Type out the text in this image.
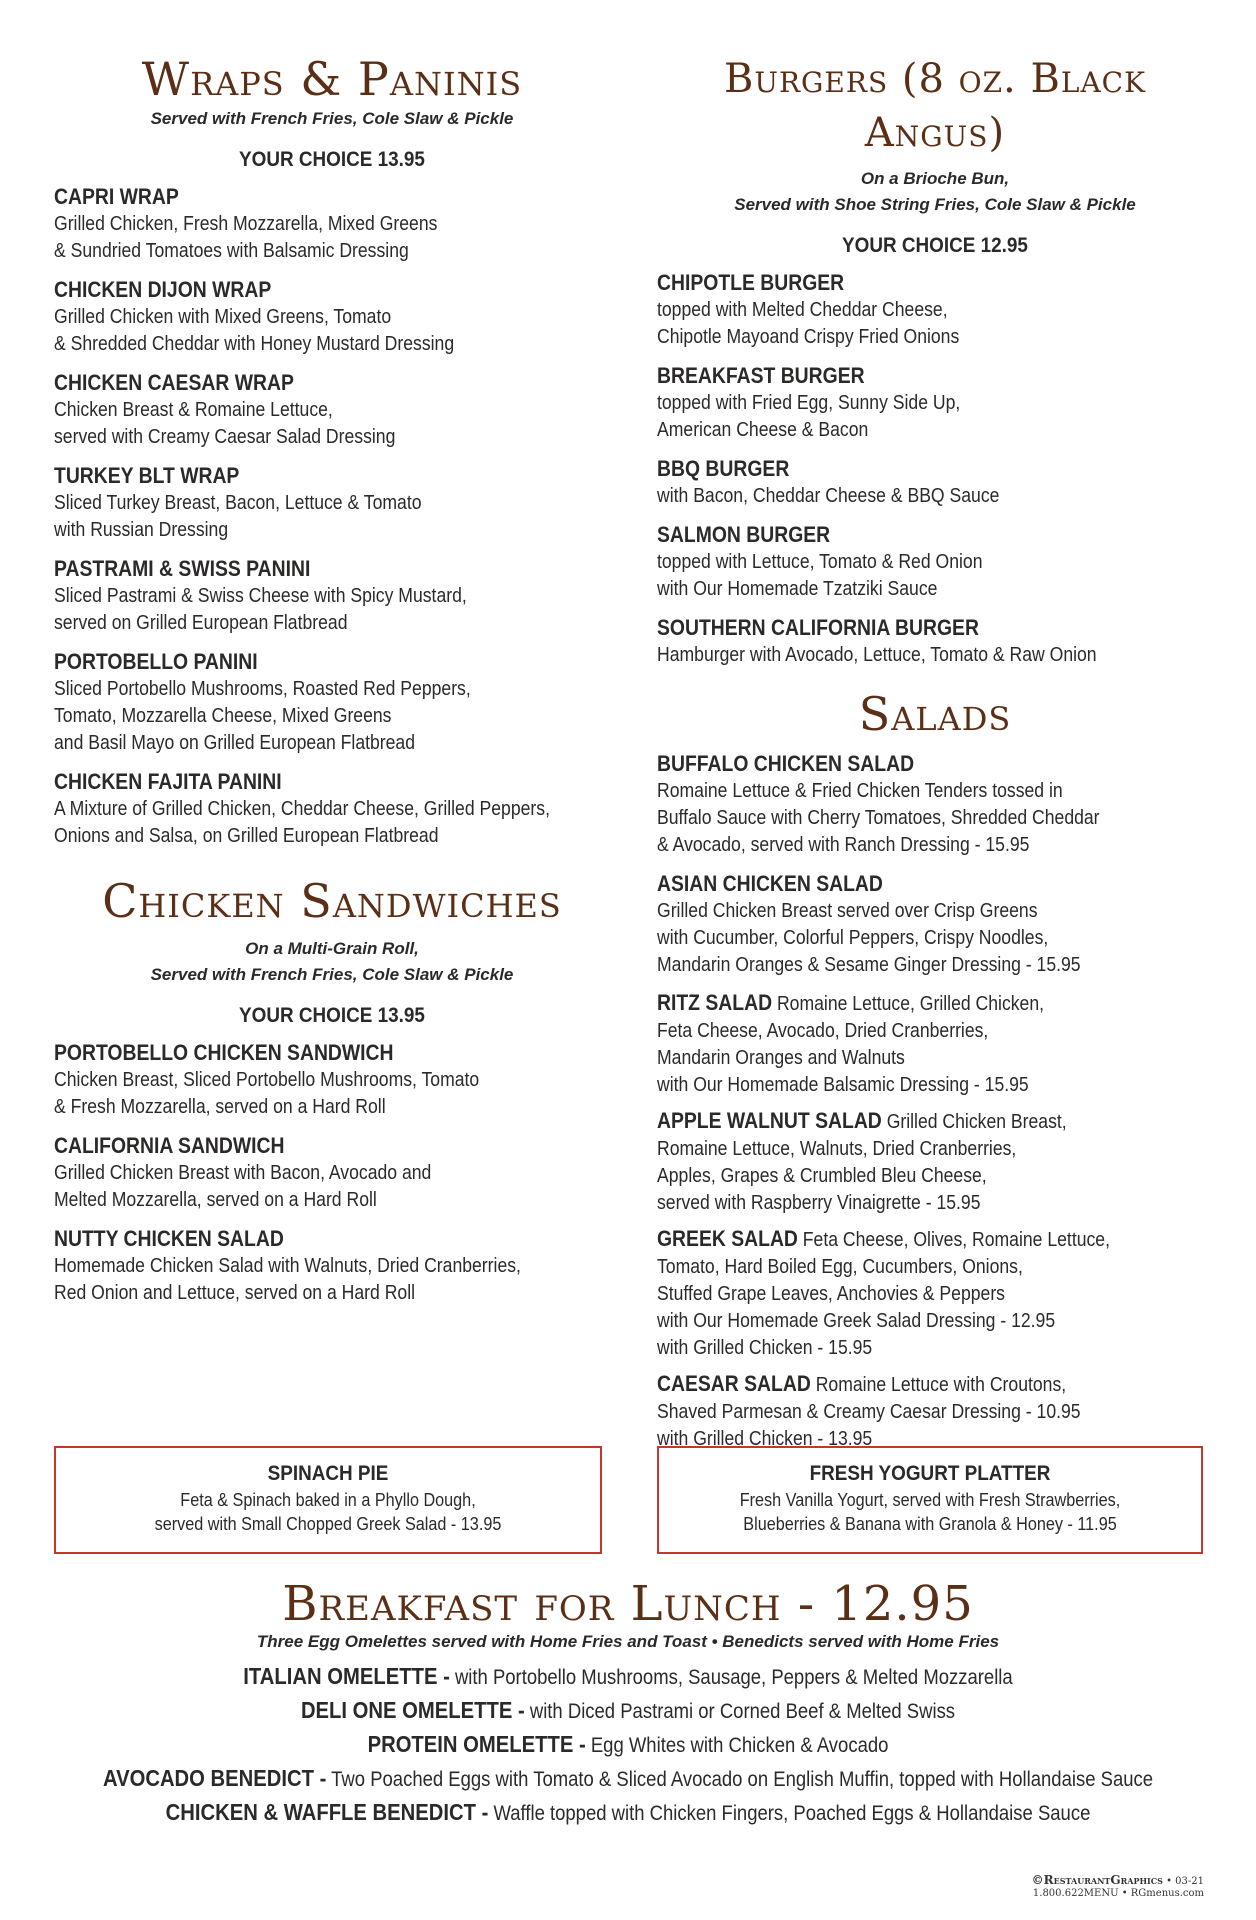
Wraps & Paninis

Served with French Fries, Cole Slaw & Pickle

YOUR CHOICE 13.95

CAPRI WRAP
Grilled Chicken, Fresh Mozzarella, Mixed Greens
& Sundried Tomatoes with Balsamic Dressing
CHICKEN DIJON WRAP
Grilled Chicken with Mixed Greens, Tomato
& Shredded Cheddar with Honey Mustard Dressing
CHICKEN CAESAR WRAP
Chicken Breast & Romaine Lettuce,
served with Creamy Caesar Salad Dressing
TURKEY BLT WRAP
Sliced Turkey Breast, Bacon, Lettuce & Tomato
with Russian Dressing
PASTRAMI & SWISS PANINI
Sliced Pastrami & Swiss Cheese with Spicy Mustard,
served on Grilled European Flatbread
PORTOBELLO PANINI
Sliced Portobello Mushrooms, Roasted Red Peppers,
Tomato, Mozzarella Cheese, Mixed Greens
and Basil Mayo on Grilled European Flatbread
CHICKEN FAJITA PANINI
A Mixture of Grilled Chicken, Cheddar Cheese, Grilled Peppers,
Onions and Salsa, on Grilled European Flatbread
Chicken Sandwiches

On a Multi-Grain Roll,

Served with French Fries, Cole Slaw & Pickle

YOUR CHOICE 13.95

PORTOBELLO CHICKEN SANDWICH
Chicken Breast, Sliced Portobello Mushrooms, Tomato
& Fresh Mozzarella, served on a Hard Roll
CALIFORNIA SANDWICH
Grilled Chicken Breast with Bacon, Avocado and
Melted Mozzarella, served on a Hard Roll
NUTTY CHICKEN SALAD
Homemade Chicken Salad with Walnuts, Dried Cranberries,
Red Onion and Lettuce, served on a Hard Roll
Burgers (8 oz. Black Angus)

On a Brioche Bun,

Served with Shoe String Fries, Cole Slaw & Pickle

YOUR CHOICE 12.95

CHIPOTLE BURGER
topped with Melted Cheddar Cheese,
Chipotle Mayoand Crispy Fried Onions
BREAKFAST BURGER
topped with Fried Egg, Sunny Side Up,
American Cheese & Bacon
BBQ BURGER
with Bacon, Cheddar Cheese & BBQ Sauce
SALMON BURGER
topped with Lettuce, Tomato & Red Onion
with Our Homemade Tzatziki Sauce
SOUTHERN CALIFORNIA BURGER
Hamburger with Avocado, Lettuce, Tomato & Raw Onion
Salads
BUFFALO CHICKEN SALAD
Romaine Lettuce & Fried Chicken Tenders tossed in
Buffalo Sauce with Cherry Tomatoes, Shredded Cheddar
& Avocado, served with Ranch Dressing - 15.95
ASIAN CHICKEN SALAD
Grilled Chicken Breast served over Crisp Greens
with Cucumber, Colorful Peppers, Crispy Noodles,
Mandarin Oranges & Sesame Ginger Dressing - 15.95
RITZ SALAD Romaine Lettuce, Grilled Chicken,
Feta Cheese, Avocado, Dried Cranberries,
Mandarin Oranges and Walnuts
with Our Homemade Balsamic Dressing - 15.95
APPLE WALNUT SALAD Grilled Chicken Breast,
Romaine Lettuce, Walnuts, Dried Cranberries,
Apples, Grapes & Crumbled Bleu Cheese,
served with Raspberry Vinaigrette - 15.95
GREEK SALAD Feta Cheese, Olives, Romaine Lettuce,
Tomato, Hard Boiled Egg, Cucumbers, Onions,
Stuffed Grape Leaves, Anchovies & Peppers
with Our Homemade Greek Salad Dressing - 12.95
with Grilled Chicken - 15.95
CAESAR SALAD Romaine Lettuce with Croutons,
Shaved Parmesan & Creamy Caesar Dressing - 10.95
with Grilled Chicken - 13.95
SPINACH PIE
Feta & Spinach baked in a Phyllo Dough,
served with Small Chopped Greek Salad - 13.95
FRESH YOGURT PLATTER
Fresh Vanilla Yogurt, served with Fresh Strawberries,
Blueberries & Banana with Granola & Honey - 11.95
Breakfast for Lunch - 12.95

Three Egg Omelettes served with Home Fries and Toast • Benedicts served with Home Fries

ITALIAN OMELETTE - with Portobello Mushrooms, Sausage, Peppers & Melted Mozzarella
DELI ONE OMELETTE - with Diced Pastrami or Corned Beef & Melted Swiss
PROTEIN OMELETTE - Egg Whites with Chicken & Avocado
AVOCADO BENEDICT - Two Poached Eggs with Tomato & Sliced Avocado on English Muffin, topped with Hollandaise Sauce
CHICKEN & WAFFLE BENEDICT - Waffle topped with Chicken Fingers, Poached Eggs & Hollandaise Sauce
©RestaurantGraphics • 03-21
1.800.622MENU • RGmenus.com
